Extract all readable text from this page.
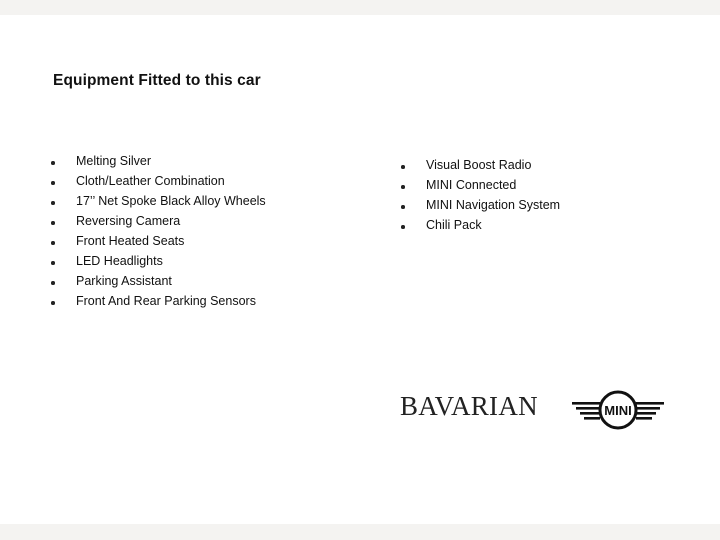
Equipment Fitted to this car
Melting Silver
Cloth/Leather Combination
17’’ Net Spoke Black Alloy Wheels
Reversing Camera
Front Heated Seats
LED Headlights
Parking Assistant
Front And Rear Parking Sensors
Visual Boost Radio
MINI Connected
MINI Navigation System
Chili Pack
BAVARIAN	MINI
